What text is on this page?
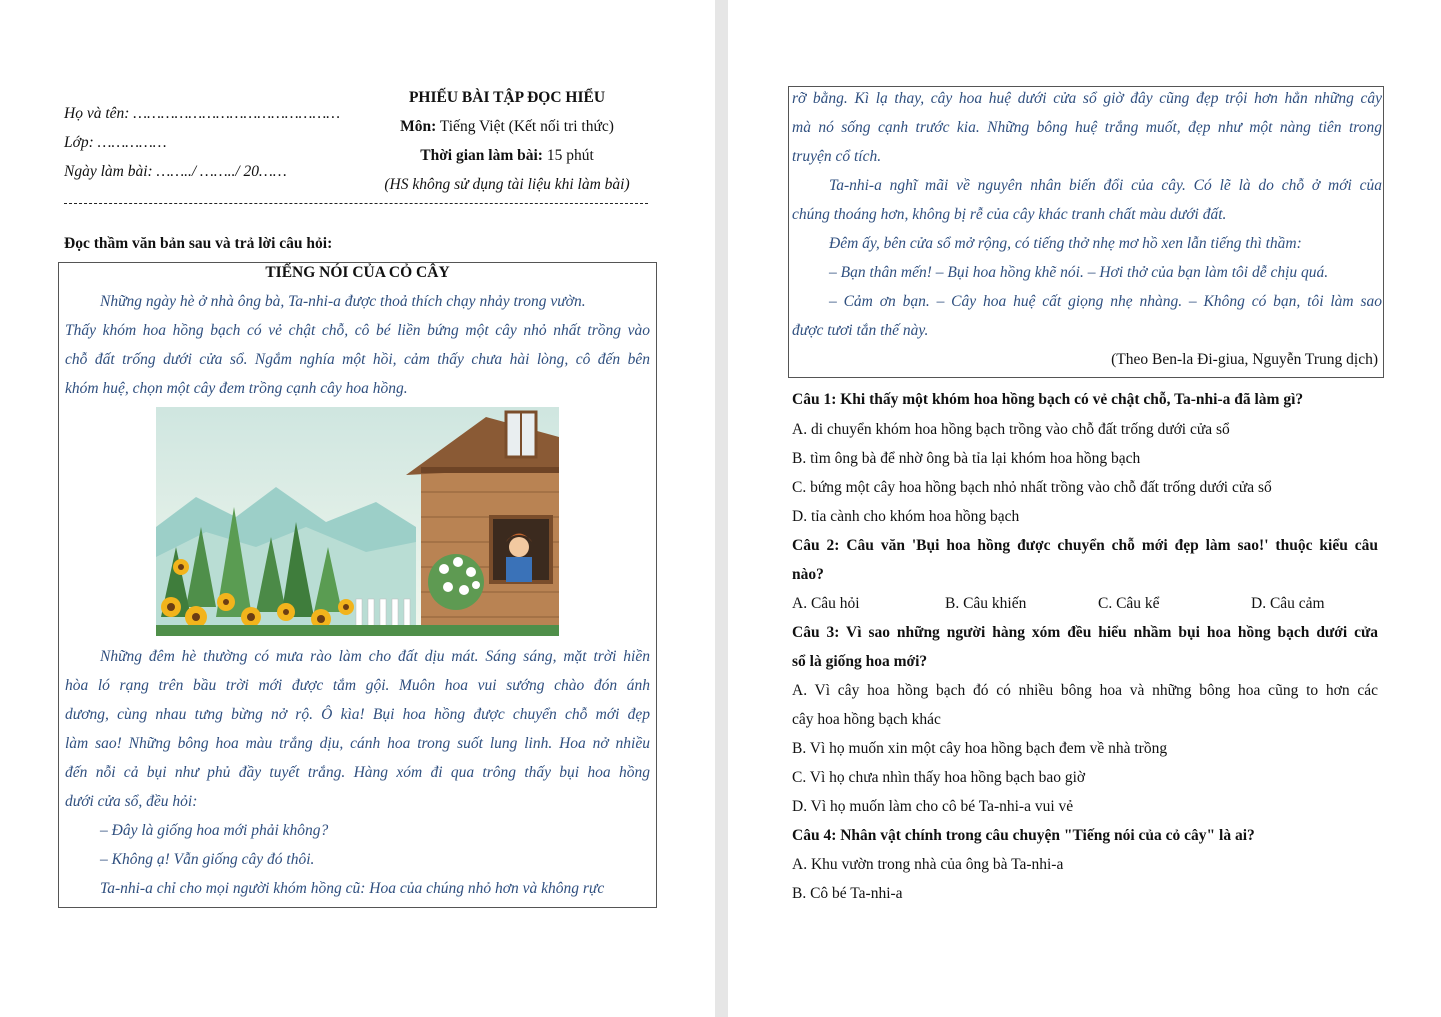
Họ và tên: ………………………………………
Lớp: ……………
Ngày làm bài: ……../ ……../ 20……
PHIẾU BÀI TẬP ĐỌC HIỂU
Môn: Tiếng Việt (Kết nối tri thức)
Thời gian làm bài: 15 phút
(HS không sử dụng tài liệu khi làm bài)
Đọc thầm văn bản sau và trả lời câu hỏi:
TIẾNG NÓI CỦA CỎ CÂY
Những ngày hè ở nhà ông bà, Ta-nhi-a được thoả thích chạy nhảy trong vườn.
Thấy khóm hoa hồng bạch có vẻ chật chỗ, cô bé liền bứng một cây nhỏ nhất trồng vào
chỗ đất trống dưới cửa sổ. Ngắm nghía một hồi, cảm thấy chưa hài lòng, cô đến bên
khóm huệ, chọn một cây đem trồng cạnh cây hoa hồng.
Những đêm hè thường có mưa rào làm cho đất dịu mát. Sáng sáng, mặt trời hiền
hòa ló rạng trên bầu trời mới được tắm gội. Muôn hoa vui sướng chào đón ánh
dương, cùng nhau tưng bừng nở rộ. Ô kìa! Bụi hoa hồng được chuyển chỗ mới đẹp
làm sao! Những bông hoa màu trắng dịu, cánh hoa trong suốt lung linh. Hoa nở nhiều
đến nỗi cả bụi như phủ đầy tuyết trắng. Hàng xóm đi qua trông thấy bụi hoa hồng
dưới cửa sổ, đều hỏi:
– Đây là giống hoa mới phải không?
– Không ạ! Vẫn giống cây đó thôi.
Ta-nhi-a chỉ cho mọi người khóm hồng cũ: Hoa của chúng nhỏ hơn và không rực
rỡ bằng. Kì lạ thay, cây hoa huệ dưới cửa sổ giờ đây cũng đẹp trội hơn hẳn những cây
mà nó sống cạnh trước kia. Những bông huệ trắng muốt, đẹp như một nàng tiên trong
truyện cổ tích.
Ta-nhi-a nghĩ mãi về nguyên nhân biến đổi của cây. Có lẽ là do chỗ ở mới của
chúng thoáng hơn, không bị rễ của cây khác tranh chất màu dưới đất.
Đêm ấy, bên cửa sổ mở rộng, có tiếng thở nhẹ mơ hồ xen lẫn tiếng thì thầm:
– Bạn thân mến! – Bụi hoa hồng khẽ nói. – Hơi thở của bạn làm tôi dễ chịu quá.
– Cảm ơn bạn. – Cây hoa huệ cất giọng nhẹ nhàng. – Không có bạn, tôi làm sao
được tươi tắn thế này.
(Theo Ben-la Đi-giua, Nguyễn Trung dịch)
Câu 1: Khi thấy một khóm hoa hồng bạch có vẻ chật chỗ, Ta-nhi-a đã làm gì?
A. di chuyển khóm hoa hồng bạch trồng vào chỗ đất trống dưới cửa sổ
B. tìm ông bà để nhờ ông bà tỉa lại khóm hoa hồng bạch
C. bứng một cây hoa hồng bạch nhỏ nhất trồng vào chỗ đất trống dưới cửa sổ
D. tỉa cành cho khóm hoa hồng bạch
Câu 2: Câu văn 'Bụi hoa hồng được chuyển chỗ mới đẹp làm sao!' thuộc kiểu câu
nào?
A. Câu hỏi	B. Câu khiến	C. Câu kể	D. Câu cảm
Câu 3: Vì sao những người hàng xóm đều hiểu nhầm bụi hoa hồng bạch dưới cửa
sổ là giống hoa mới?
A. Vì cây hoa hồng bạch đó có nhiều bông hoa và những bông hoa cũng to hơn các
cây hoa hồng bạch khác
B. Vì họ muốn xin một cây hoa hồng bạch đem về nhà trồng
C. Vì họ chưa nhìn thấy hoa hồng bạch bao giờ
D. Vì họ muốn làm cho cô bé Ta-nhi-a vui vẻ
Câu 4: Nhân vật chính trong câu chuyện "Tiếng nói của cỏ cây" là ai?
A. Khu vườn trong nhà của ông bà Ta-nhi-a
B. Cô bé Ta-nhi-a
